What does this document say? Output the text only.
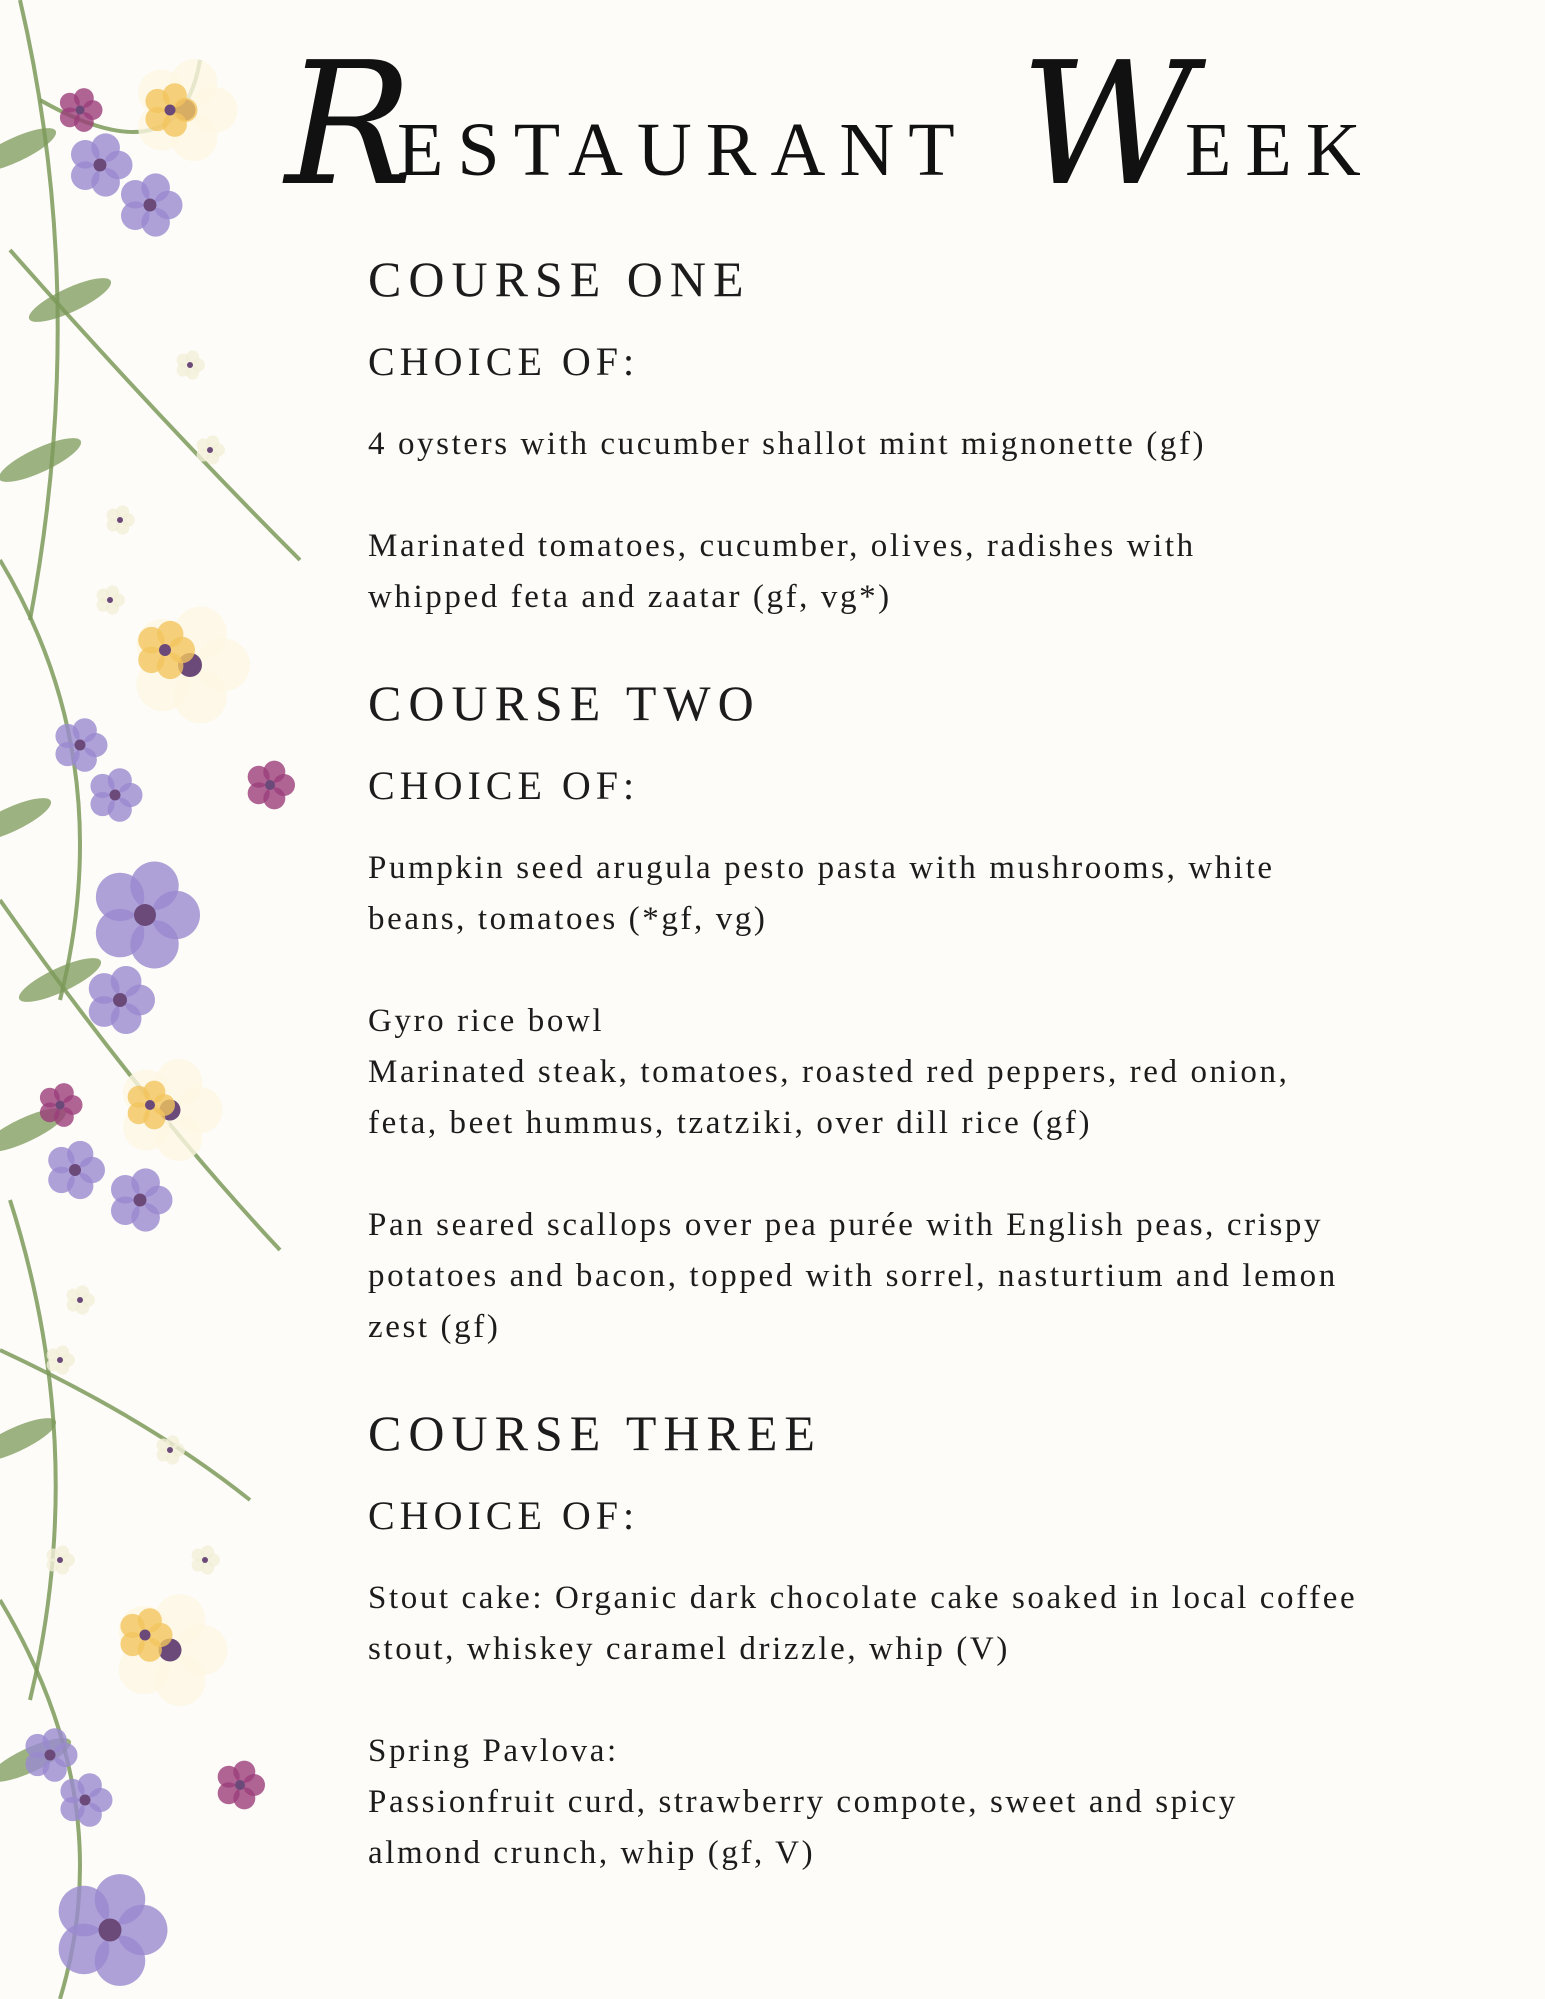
R
ESTAURANT W
EEK
COURSE ONE
CHOICE OF:
4 oysters with cucumber shallot mint mignonette (gf)
Marinated tomatoes, cucumber, olives, radishes with
whipped feta and zaatar (gf, vg*)
COURSE TWO
CHOICE OF:
Pumpkin seed arugula pesto pasta with mushrooms, white
beans, tomatoes (*gf, vg)
Gyro rice bowl
Marinated steak, tomatoes, roasted red peppers, red onion,
feta, beet hummus, tzatziki, over dill rice (gf)
Pan seared scallops over pea purée with English peas, crispy
potatoes and bacon, topped with sorrel, nasturtium and lemon
zest (gf)
COURSE THREE
CHOICE OF:
Stout cake: Organic dark chocolate cake soaked in local coffee
stout, whiskey caramel drizzle, whip (V)
Spring Pavlova:
Passionfruit curd, strawberry compote, sweet and spicy
almond crunch, whip (gf, V)
